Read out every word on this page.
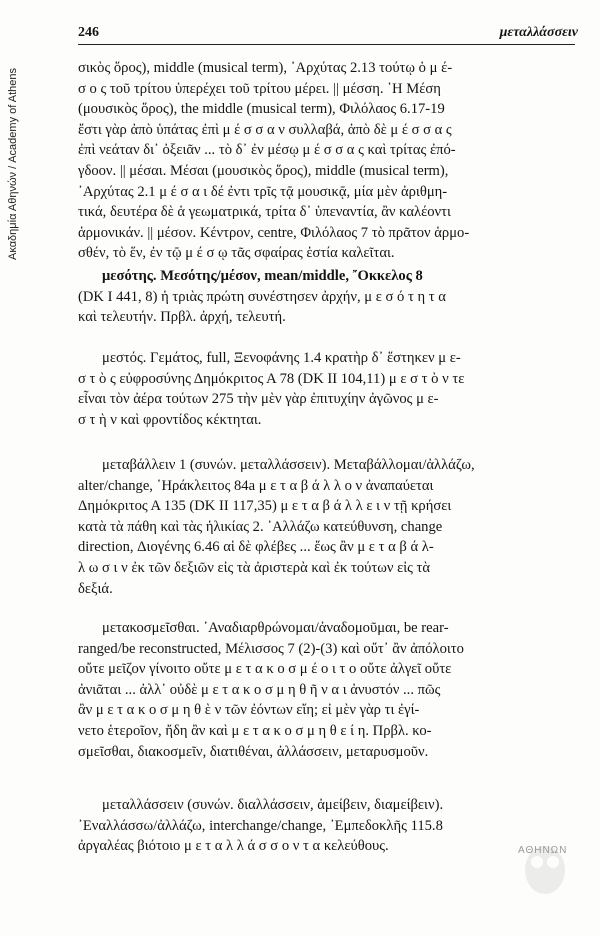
Ακαδημία Αθηνών / Academy of Athens
246	μεταλλάσσειν
σικὸς ὅρος), middle (musical term), ᾽Αρχύτας 2.13 τούτῳ ὁ μ έ-
σ ο ς τοῦ τρίτου ὑπερέχει τοῦ τρίτου μέρει. || μέσση. ῾Η Μέση
(μουσικὸς ὅρος), the middle (musical term), Φιλόλαος 6.17-19
ἔστι γὰρ ἀπὸ ὑπάτας ἐπὶ μ έ σ σ α ν συλλαβά, ἀπὸ δὲ μ έ σ σ α ς
ἐπὶ νεάταν δι᾽ ὀξειᾶν ... τὸ δ᾽ ἐν μέσῳ μ έ σ σ α ς καὶ τρίτας ἐπό-
γδοον. || μέσαι. Μέσαι (μουσικὸς ὅρος), middle (musical term),
᾽Αρχύτας 2.1 μ έ σ α ι δέ ἐντι τρῖς τᾷ μουσικᾷ, μία μὲν ἀριθμη-
τικά, δευτέρα δὲ ἁ γεωματρικά, τρίτα δ᾽ ὑπεναντία, ἂν καλέοντι
ἁρμονικάν. || μέσον. Κέντρον, centre, Φιλόλαος 7 τὸ πρᾶτον ἁρμο-
σθέν, τὸ ἕν, ἐν τῷ μ έ σ ῳ τᾶς σφαίρας ἑστία καλεῖται.
μεσότης. Μεσότης/μέσον, mean/middle, ῎Οκκελος 8
(DK I 441, 8) ἡ τριὰς πρώτη συνέστησεν ἀρχήν, μ ε σ ό τ η τ α
καὶ τελευτήν. Πρβλ. ἀρχή, τελευτή.
μεστός. Γεμάτος, full, Ξενοφάνης 1.4 κρατὴρ δ᾽ ἕστηκεν μ ε-
σ τ ὸ ς εὐφροσύνης Δημόκριτος Α 78 (DK II 104,11) μ ε σ τ ὸ ν τε
εἶναι τὸν ἀέρα τούτων 275 τὴν μὲν γὰρ ἐπιτυχίην ἀγῶνος μ ε-
σ τ ὴ ν καὶ φροντίδος κέκτηται.
μεταβάλλειν 1 (συνών. μεταλλάσσειν). Μεταβάλλομαι/ἀλλάζω,
alter/change, ῾Ηράκλειτος 84a μ ε τ α β ά λ λ ο ν ἀναπαύεται
Δημόκριτος Α 135 (DK II 117,35) μ ε τ α β ά λ λ ε ι ν τῇ κρήσει
κατὰ τὰ πάθη καὶ τὰς ἡλικίας 2. ᾽Αλλάζω κατεύθυνση, change
direction, Διογένης 6.46 αἱ δὲ φλέβες ... ἕως ἂν μ ε τ α β ά λ-
λ ω σ ι ν ἐκ τῶν δεξιῶν εἰς τὰ ἀριστερὰ καὶ ἐκ τούτων εἰς τὰ
δεξιά.
μετακοσμεῖσθαι. ᾽Αναδιαρθρώνομαι/ἀναδομοῦμαι, be rear-
ranged/be reconstructed, Μέλισσος 7 (2)-(3) καὶ οὔτ᾽ ἂν ἀπόλοιτο
οὔτε μεῖζον γίνοιτο οὔτε μ ε τ α κ ο σ μ έ ο ι τ ο οὔτε ἀλγεῖ οὔτε
ἀνιᾶται ... ἀλλ᾽ οὐδὲ μ ε τ α κ ο σ μ η θ ῆ ν α ι ἀνυστόν ... πῶς
ἂν μ ε τ α κ ο σ μ η θ ὲ ν τῶν ἐόντων εἴη; εἰ μὲν γὰρ τι ἐγί-
νετο ἑτεροῖον, ἤδη ἂν καὶ μ ε τ α κ ο σ μ η θ ε ί η. Πρβλ. κο-
σμεῖσθαι, διακοσμεῖν, διατιθέναι, ἀλλάσσειν, μεταρυσμοῦν.
μεταλλάσσειν (συνών. διαλλάσσειν, ἀμείβειν, διαμείβειν).
᾽Εναλλάσσω/ἀλλάζω, interchange/change, ᾽Εμπεδοκλῆς 115.8
ἀργαλέας βιότοιο μ ε τ α λ λ ά σ σ ο ν τ α κελεύθους.	ΑΘΗΝΩΝ
